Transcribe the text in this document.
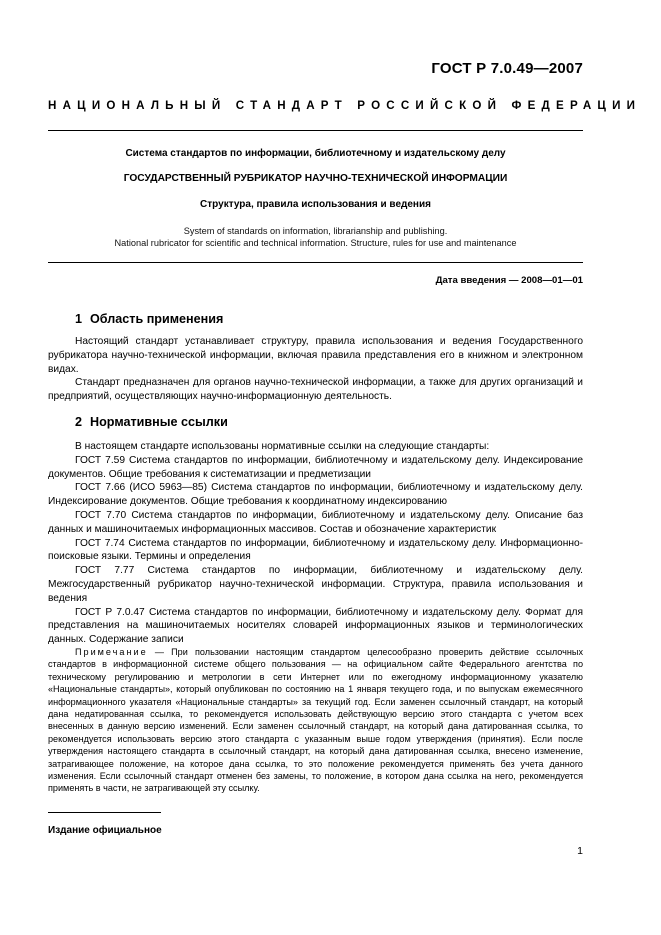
ГОСТ Р 7.0.49—2007
НАЦИОНАЛЬНЫЙ СТАНДАРТ РОССИЙСКОЙ ФЕДЕРАЦИИ
Система стандартов по информации, библиотечному и издательскому делу
ГОСУДАРСТВЕННЫЙ РУБРИКАТОР НАУЧНО-ТЕХНИЧЕСКОЙ ИНФОРМАЦИИ
Структура, правила использования и ведения
System of standards on information, librarianship and publishing.
National rubricator for scientific and technical information. Structure, rules for use and maintenance
Дата введения — 2008—01—01
1 Область применения

Настоящий стандарт устанавливает структуру, правила использования и ведения Государственного рубрикатора научно-технической информации, включая правила представления его в книжном и электронном видах.

Стандарт предназначен для органов научно-технической информации, а также для других организаций и предприятий, осуществляющих научно-информационную деятельность.

2 Нормативные ссылки

В настоящем стандарте использованы нормативные ссылки на следующие стандарты:

ГОСТ 7.59 Система стандартов по информации, библиотечному и издательскому делу. Индексирование документов. Общие требования к систематизации и предметизации

ГОСТ 7.66 (ИСО 5963—85) Система стандартов по информации, библиотечному и издательскому делу. Индексирование документов. Общие требования к координатному индексированию

ГОСТ 7.70 Система стандартов по информации, библиотечному и издательскому делу. Описание баз данных и машиночитаемых информационных массивов. Состав и обозначение характеристик

ГОСТ 7.74 Система стандартов по информации, библиотечному и издательскому делу. Информационно-поисковые языки. Термины и определения

ГОСТ 7.77 Система стандартов по информации, библиотечному и издательскому делу. Межгосударственный рубрикатор научно-технической информации. Структура, правила использования и ведения

ГОСТ Р 7.0.47 Система стандартов по информации, библиотечному и издательскому делу. Формат для представления на машиночитаемых носителях словарей информационных языков и терминологических данных. Содержание записи

Примечание — При пользовании настоящим стандартом целесообразно проверить действие ссылочных стандартов в информационной системе общего пользования — на официальном сайте Федерального агентства по техническому регулированию и метрологии в сети Интернет или по ежегодному информационному указателю «Национальные стандарты», который опубликован по состоянию на 1 января текущего года, и по выпускам ежемесячного информационного указателя «Национальные стандарты» за текущий год. Если заменен ссылочный стандарт, на который дана недатированная ссылка, то рекомендуется использовать действующую версию этого стандарта с учетом всех внесенных в данную версию изменений. Если заменен ссылочный стандарт, на который дана датированная ссылка, то рекомендуется использовать версию этого стандарта с указанным выше годом утверждения (принятия). Если после утверждения настоящего стандарта в ссылочный стандарт, на который дана датированная ссылка, внесено изменение, затрагивающее положение, на которое дана ссылка, то это положение рекомендуется применять без учета данного изменения. Если ссылочный стандарт отменен без замены, то положение, в котором дана ссылка на него, рекомендуется применять в части, не затрагивающей эту ссылку.

Издание официальное
1
